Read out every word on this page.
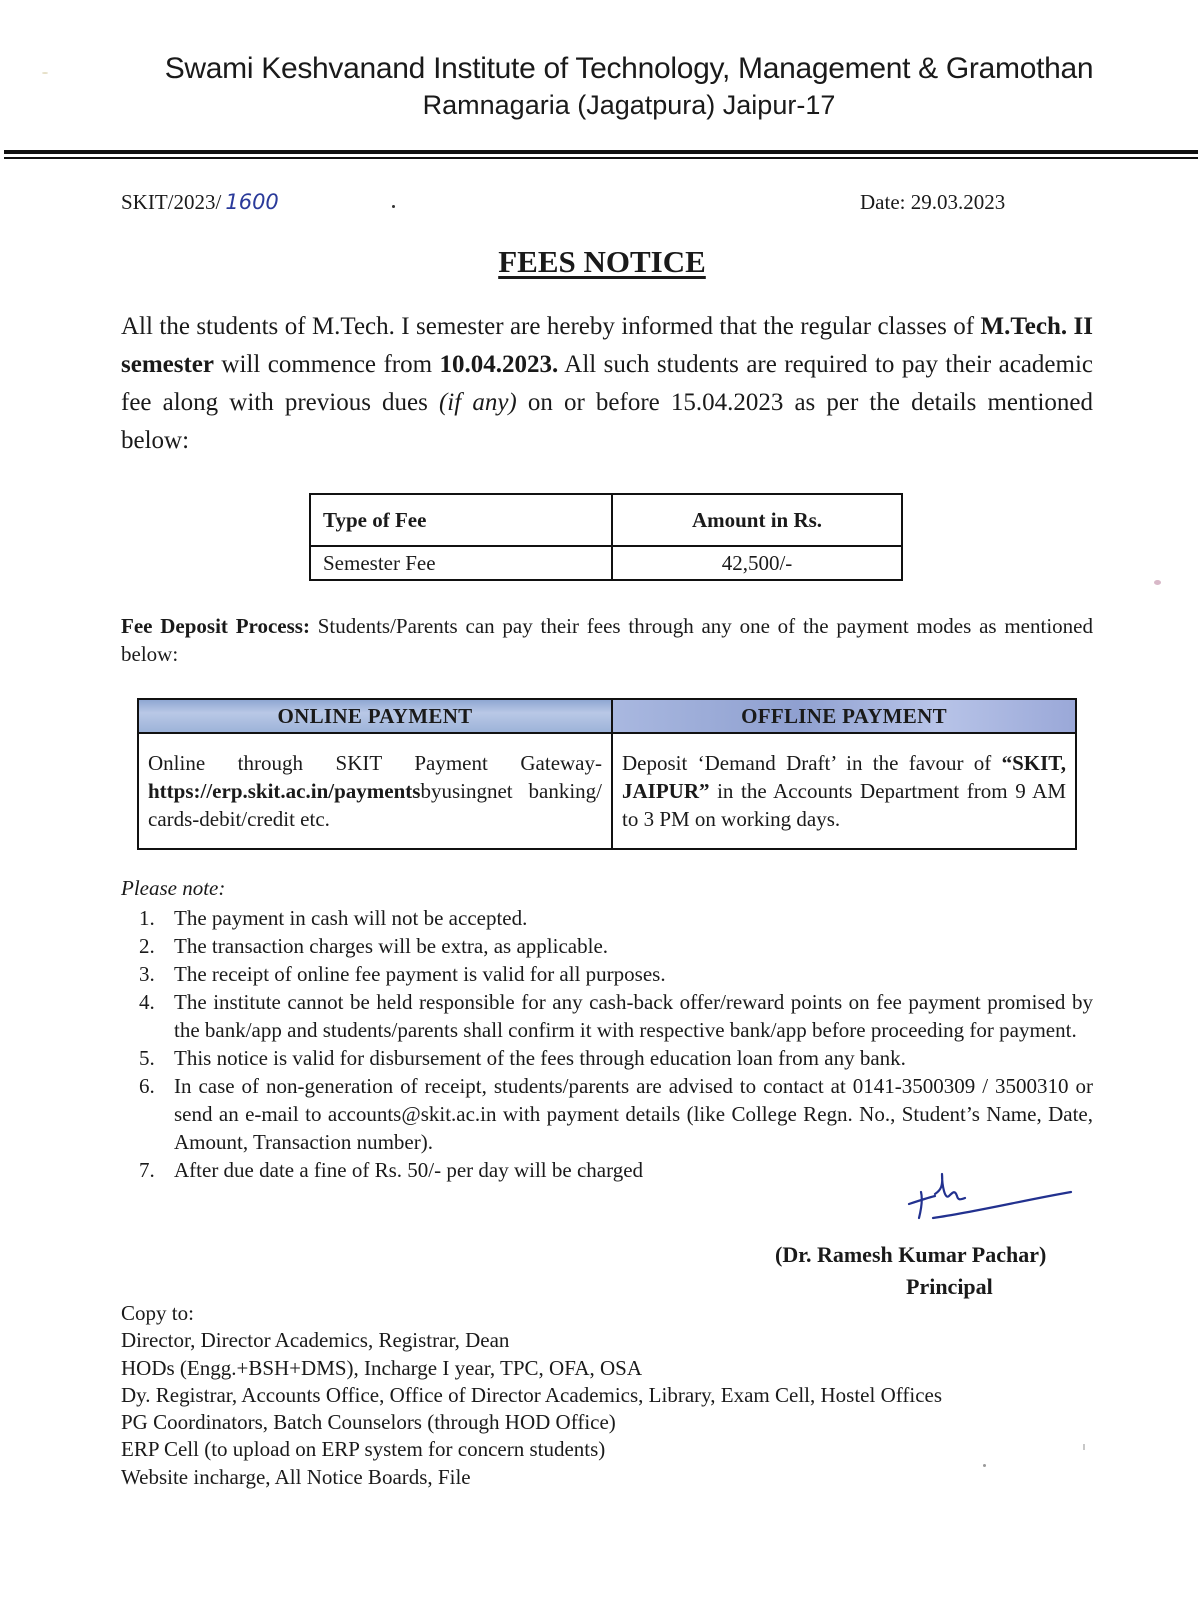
Swami Keshvanand Institute of Technology, Management & Gramothan
Ramnagaria (Jagatpura) Jaipur-17
SKIT/2023/ 1600	Date: 29.03.2023
FEES NOTICE
All the students of M.Tech. I semester are hereby informed that the regular classes of M.Tech. II semester will commence from 10.04.2023. All such students are required to pay their academic fee along with previous dues (if any) on or before 15.04.2023 as per the details mentioned below:
Type of Fee	Amount in Rs.
Semester Fee	42,500/-
Fee Deposit Process: Students/Parents can pay their fees through any one of the payment modes as mentioned below:
ONLINE PAYMENT	OFFLINE PAYMENT
Online through SKIT Payment Gateway- https://erp.skit.ac.in/paymentsbyusingnet banking/ cards-debit/credit etc.	Deposit ‘Demand Draft’ in the favour of “SKIT, JAIPUR” in the Accounts Department from 9 AM to 3 PM on working days.
Please note:
1. The payment in cash will not be accepted.
2. The transaction charges will be extra, as applicable.
3. The receipt of online fee payment is valid for all purposes.
4. The institute cannot be held responsible for any cash-back offer/reward points on fee payment promised by the bank/app and students/parents shall confirm it with respective bank/app before proceeding for payment.
5. This notice is valid for disbursement of the fees through education loan from any bank.
6. In case of non-generation of receipt, students/parents are advised to contact at 0141-3500309 / 3500310 or send an e-mail to accounts@skit.ac.in with payment details (like College Regn. No., Student’s Name, Date, Amount, Transaction number).
7. After due date a fine of Rs. 50/- per day will be charged
(Dr. Ramesh Kumar Pachar)
Principal
Copy to:
Director, Director Academics, Registrar, Dean
HODs (Engg.+BSH+DMS), Incharge I year, TPC, OFA, OSA
Dy. Registrar, Accounts Office, Office of Director Academics, Library, Exam Cell, Hostel Offices
PG Coordinators, Batch Counselors (through HOD Office)
ERP Cell (to upload on ERP system for concern students)
Website incharge, All Notice Boards, File
